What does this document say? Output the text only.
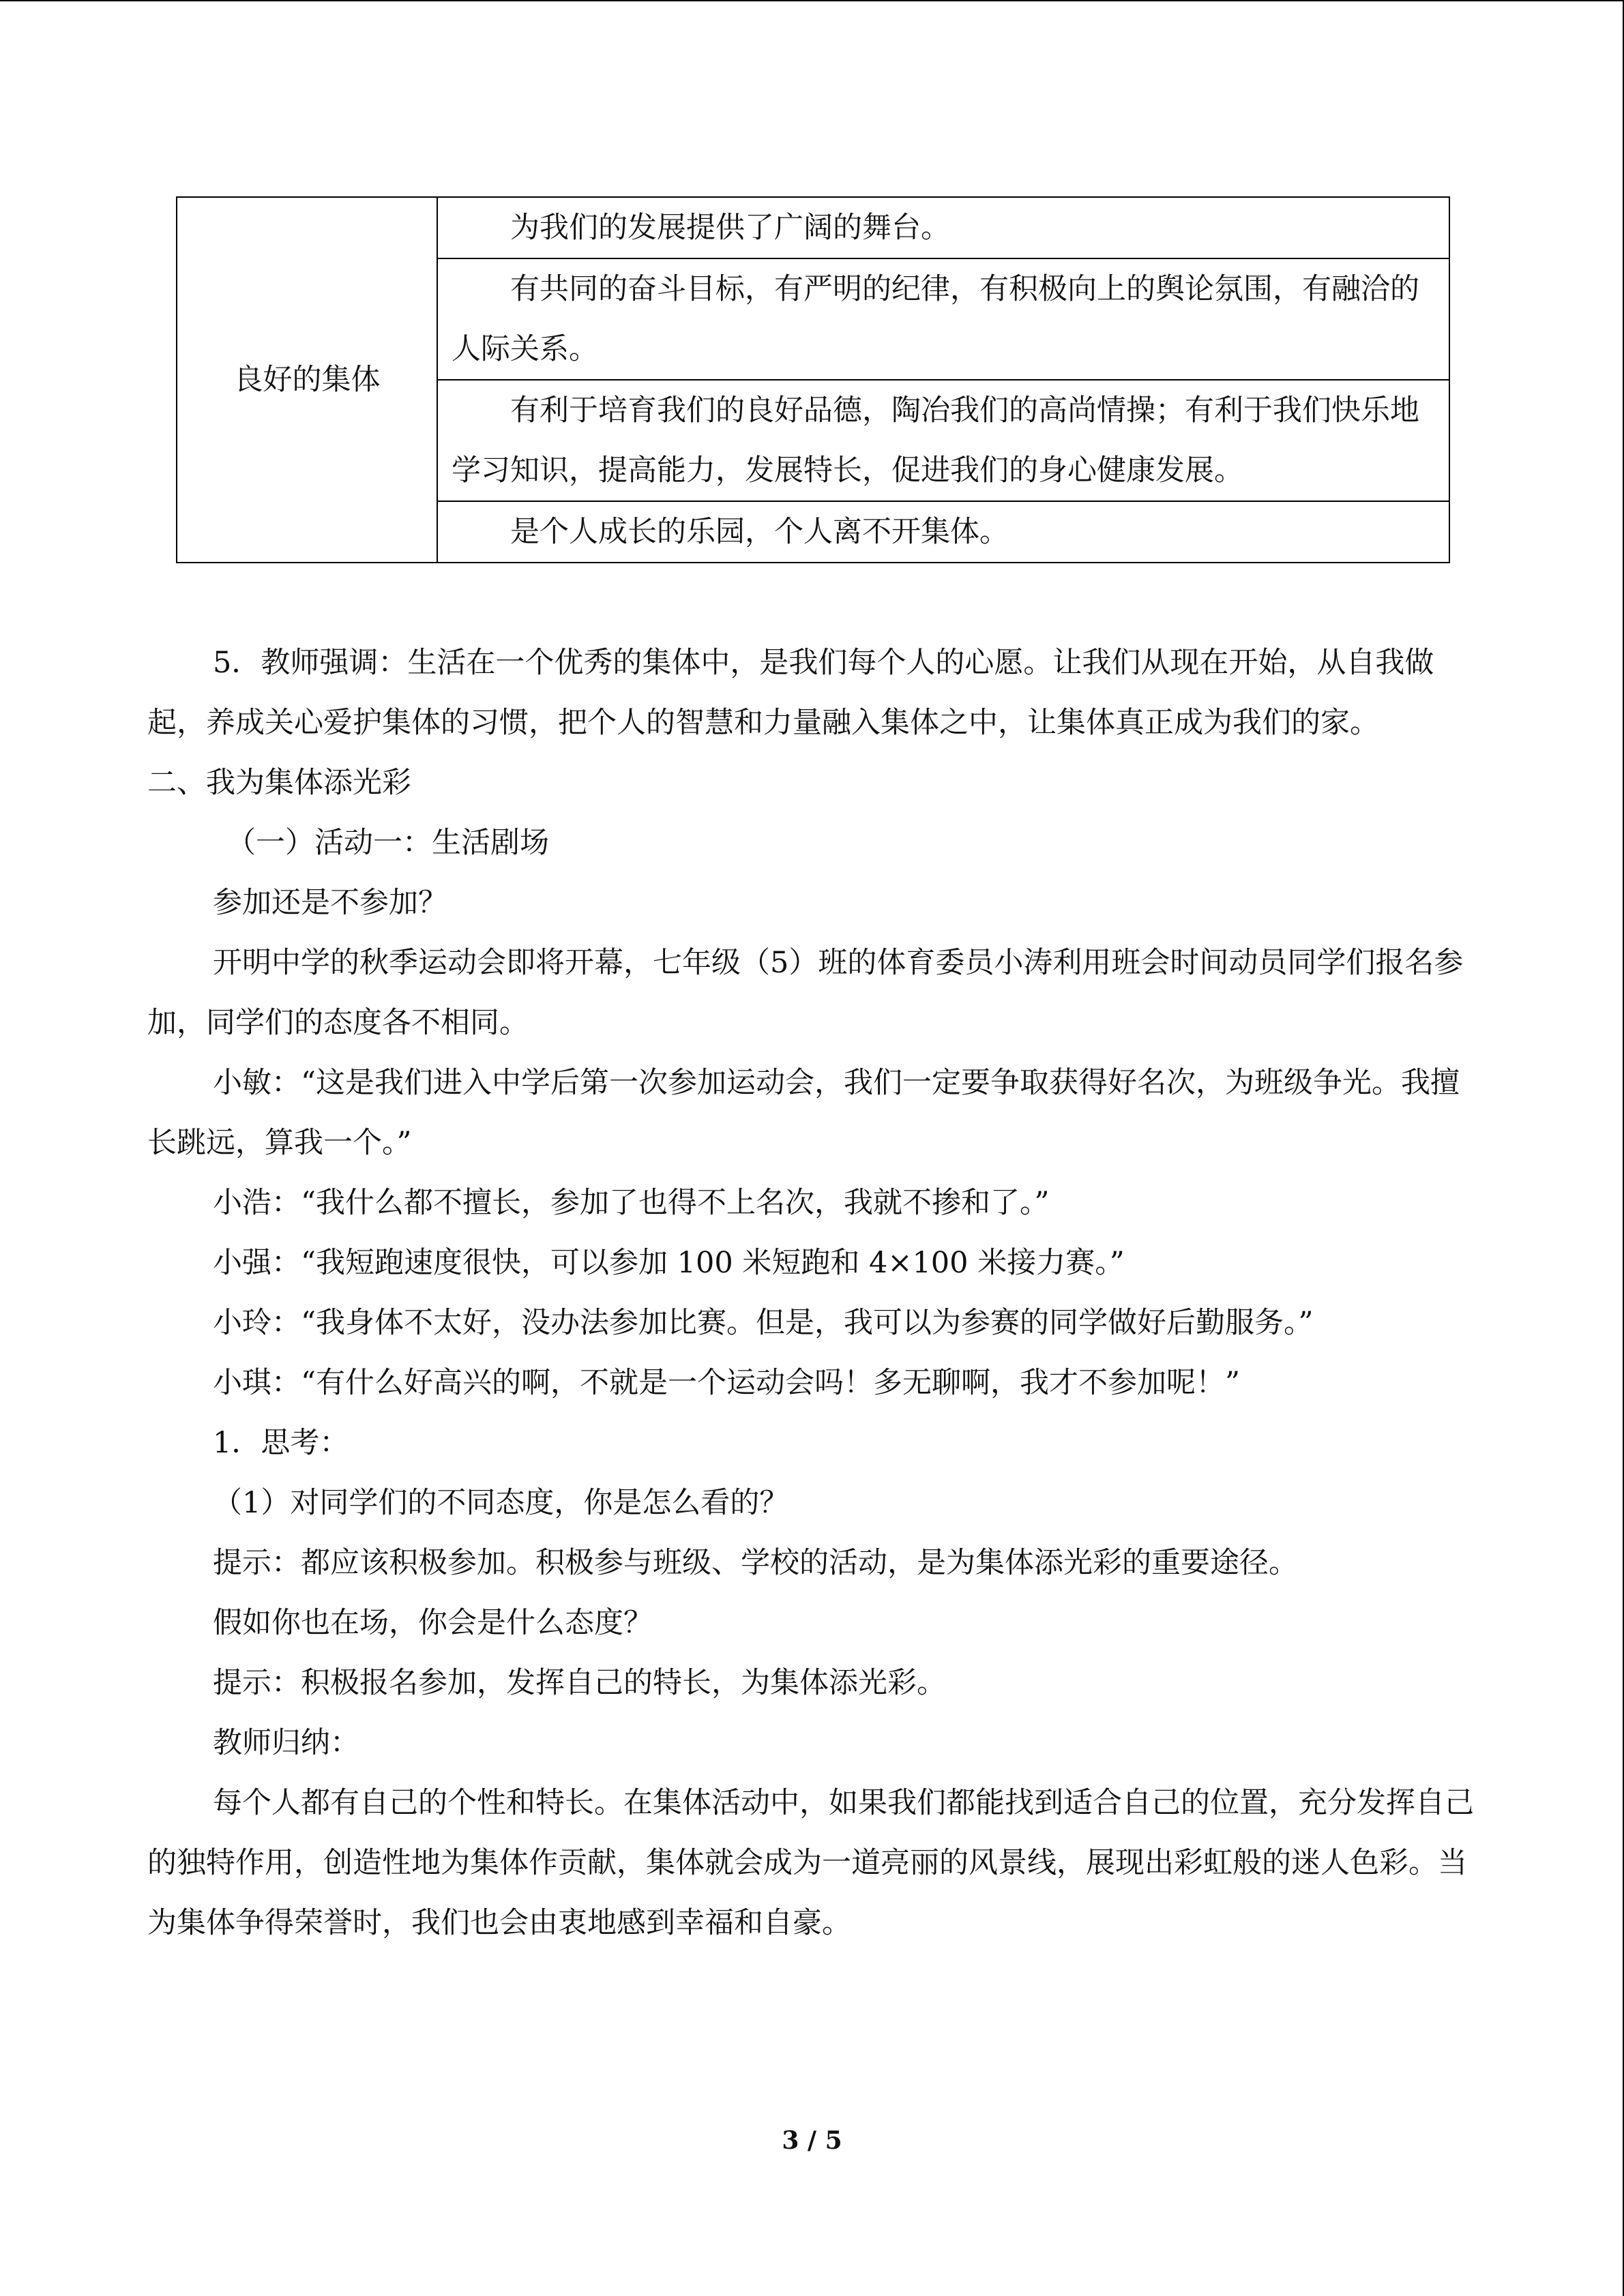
良好的集体	为我们的发展提供了广阔的舞台。
有共同的奋斗目标，有严明的纪律，有积极向上的舆论氛围，有融洽的人际关系。
有利于培育我们的良好品德，陶冶我们的高尚情操；有利于我们快乐地学习知识，提高能力，发展特长，促进我们的身心健康发展。
是个人成长的乐园，个人离不开集体。

5．教师强调：生活在一个优秀的集体中，是我们每个人的心愿。让我们从现在开始，从自我做起，养成关心爱护集体的习惯，把个人的智慧和力量融入集体之中，让集体真正成为我们的家。

二、我为集体添光彩

（一）活动一：生活剧场

参加还是不参加？

开明中学的秋季运动会即将开幕，七年级（5）班的体育委员小涛利用班会时间动员同学们报名参加，同学们的态度各不相同。

小敏：“这是我们进入中学后第一次参加运动会，我们一定要争取获得好名次，为班级争光。我擅长跳远，算我一个。”

小浩：“我什么都不擅长，参加了也得不上名次，我就不掺和了。”

小强：“我短跑速度很快，可以参加 100 米短跑和 4×100 米接力赛。”

小玲：“我身体不太好，没办法参加比赛。但是，我可以为参赛的同学做好后勤服务。”

小琪：“有什么好高兴的啊，不就是一个运动会吗！多无聊啊，我才不参加呢！”

1．思考：

（1）对同学们的不同态度，你是怎么看的？

提示：都应该积极参加。积极参与班级、学校的活动，是为集体添光彩的重要途径。

假如你也在场，你会是什么态度？

提示：积极报名参加，发挥自己的特长，为集体添光彩。

教师归纳：

每个人都有自己的个性和特长。在集体活动中，如果我们都能找到适合自己的位置，充分发挥自己的独特作用，创造性地为集体作贡献，集体就会成为一道亮丽的风景线，展现出彩虹般的迷人色彩。当为集体争得荣誉时，我们也会由衷地感到幸福和自豪。

3 / 5
